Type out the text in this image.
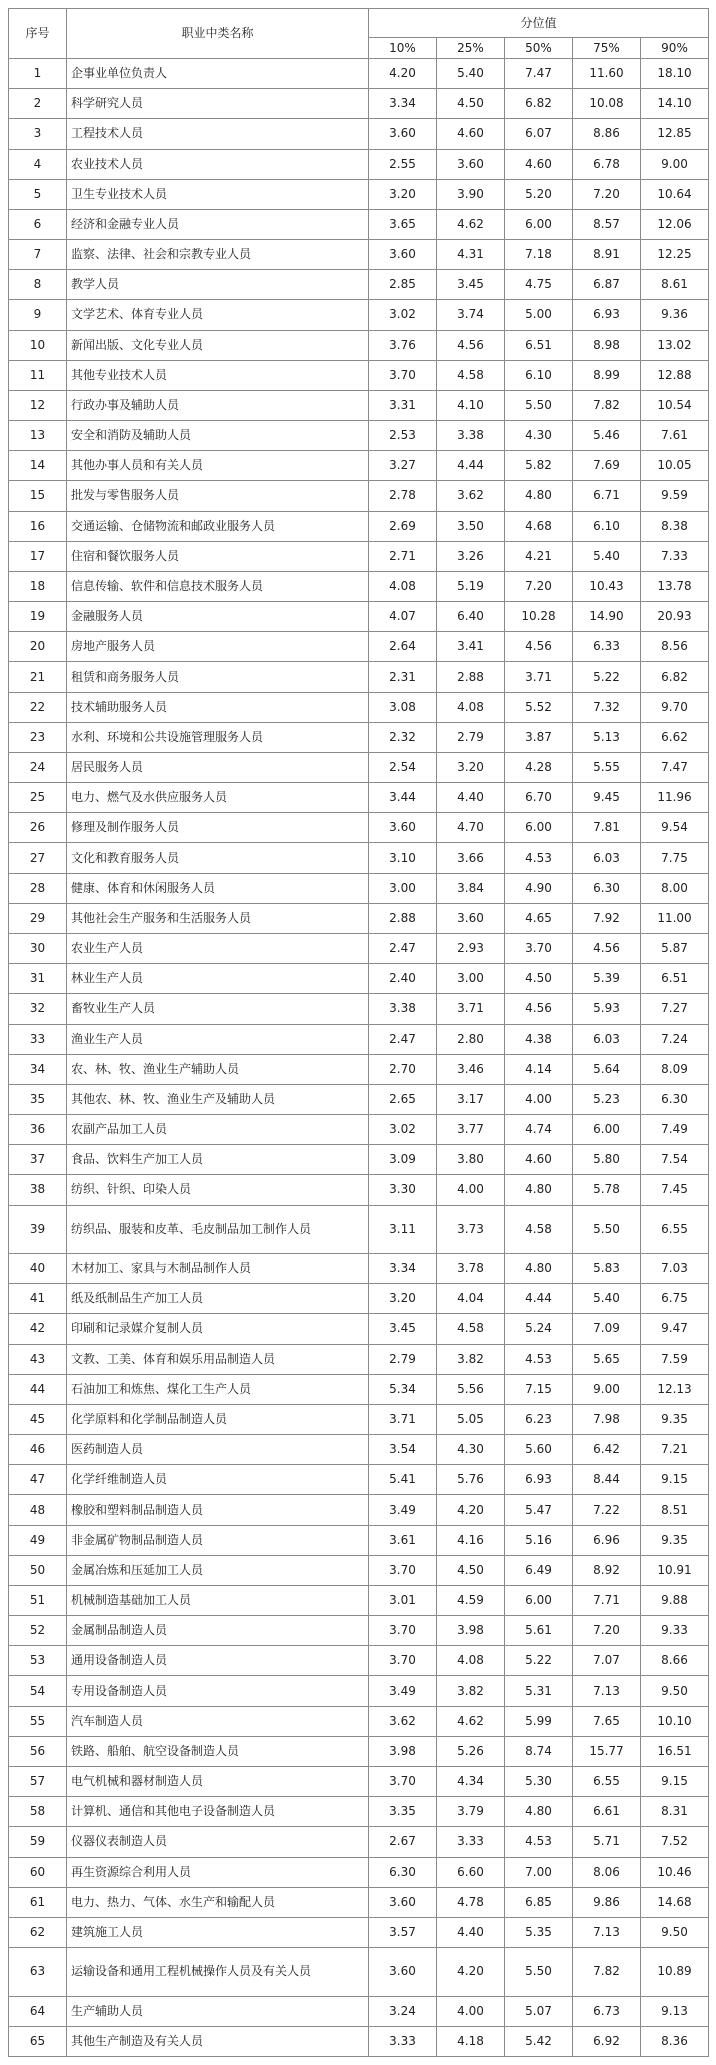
序号	职业中类名称	分位值				
		10%	25%	50%	75%	90%
1	企事业单位负责人	4.20	5.40	7.47	11.60	18.10
2	科学研究人员	3.34	4.50	6.82	10.08	14.10
3	工程技术人员	3.60	4.60	6.07	8.86	12.85
4	农业技术人员	2.55	3.60	4.60	6.78	9.00
5	卫生专业技术人员	3.20	3.90	5.20	7.20	10.64
6	经济和金融专业人员	3.65	4.62	6.00	8.57	12.06
7	监察、法律、社会和宗教专业人员	3.60	4.31	7.18	8.91	12.25
8	教学人员	2.85	3.45	4.75	6.87	8.61
9	文学艺术、体育专业人员	3.02	3.74	5.00	6.93	9.36
10	新闻出版、文化专业人员	3.76	4.56	6.51	8.98	13.02
11	其他专业技术人员	3.70	4.58	6.10	8.99	12.88
12	行政办事及辅助人员	3.31	4.10	5.50	7.82	10.54
13	安全和消防及辅助人员	2.53	3.38	4.30	5.46	7.61
14	其他办事人员和有关人员	3.27	4.44	5.82	7.69	10.05
15	批发与零售服务人员	2.78	3.62	4.80	6.71	9.59
16	交通运输、仓储物流和邮政业服务人员	2.69	3.50	4.68	6.10	8.38
17	住宿和餐饮服务人员	2.71	3.26	4.21	5.40	7.33
18	信息传输、软件和信息技术服务人员	4.08	5.19	7.20	10.43	13.78
19	金融服务人员	4.07	6.40	10.28	14.90	20.93
20	房地产服务人员	2.64	3.41	4.56	6.33	8.56
21	租赁和商务服务人员	2.31	2.88	3.71	5.22	6.82
22	技术辅助服务人员	3.08	4.08	5.52	7.32	9.70
23	水利、环境和公共设施管理服务人员	2.32	2.79	3.87	5.13	6.62
24	居民服务人员	2.54	3.20	4.28	5.55	7.47
25	电力、燃气及水供应服务人员	3.44	4.40	6.70	9.45	11.96
26	修理及制作服务人员	3.60	4.70	6.00	7.81	9.54
27	文化和教育服务人员	3.10	3.66	4.53	6.03	7.75
28	健康、体育和休闲服务人员	3.00	3.84	4.90	6.30	8.00
29	其他社会生产服务和生活服务人员	2.88	3.60	4.65	7.92	11.00
30	农业生产人员	2.47	2.93	3.70	4.56	5.87
31	林业生产人员	2.40	3.00	4.50	5.39	6.51
32	畜牧业生产人员	3.38	3.71	4.56	5.93	7.27
33	渔业生产人员	2.47	2.80	4.38	6.03	7.24
34	农、林、牧、渔业生产辅助人员	2.70	3.46	4.14	5.64	8.09
35	其他农、林、牧、渔业生产及辅助人员	2.65	3.17	4.00	5.23	6.30
36	农副产品加工人员	3.02	3.77	4.74	6.00	7.49
37	食品、饮料生产加工人员	3.09	3.80	4.60	5.80	7.54
38	纺织、针织、印染人员	3.30	4.00	4.80	5.78	7.45
39	纺织品、服装和皮革、毛皮制品加工制作人员	3.11	3.73	4.58	5.50	6.55
40	木材加工、家具与木制品制作人员	3.34	3.78	4.80	5.83	7.03
41	纸及纸制品生产加工人员	3.20	4.04	4.44	5.40	6.75
42	印刷和记录媒介复制人员	3.45	4.58	5.24	7.09	9.47
43	文教、工美、体育和娱乐用品制造人员	2.79	3.82	4.53	5.65	7.59
44	石油加工和炼焦、煤化工生产人员	5.34	5.56	7.15	9.00	12.13
45	化学原料和化学制品制造人员	3.71	5.05	6.23	7.98	9.35
46	医药制造人员	3.54	4.30	5.60	6.42	7.21
47	化学纤维制造人员	5.41	5.76	6.93	8.44	9.15
48	橡胶和塑料制品制造人员	3.49	4.20	5.47	7.22	8.51
49	非金属矿物制品制造人员	3.61	4.16	5.16	6.96	9.35
50	金属冶炼和压延加工人员	3.70	4.50	6.49	8.92	10.91
51	机械制造基础加工人员	3.01	4.59	6.00	7.71	9.88
52	金属制品制造人员	3.70	3.98	5.61	7.20	9.33
53	通用设备制造人员	3.70	4.08	5.22	7.07	8.66
54	专用设备制造人员	3.49	3.82	5.31	7.13	9.50
55	汽车制造人员	3.62	4.62	5.99	7.65	10.10
56	铁路、船舶、航空设备制造人员	3.98	5.26	8.74	15.77	16.51
57	电气机械和器材制造人员	3.70	4.34	5.30	6.55	9.15
58	计算机、通信和其他电子设备制造人员	3.35	3.79	4.80	6.61	8.31
59	仪器仪表制造人员	2.67	3.33	4.53	5.71	7.52
60	再生资源综合利用人员	6.30	6.60	7.00	8.06	10.46
61	电力、热力、气体、水生产和输配人员	3.60	4.78	6.85	9.86	14.68
62	建筑施工人员	3.57	4.40	5.35	7.13	9.50
63	运输设备和通用工程机械操作人员及有关人员	3.60	4.20	5.50	7.82	10.89
64	生产辅助人员	3.24	4.00	5.07	6.73	9.13
65	其他生产制造及有关人员	3.33	4.18	5.42	6.92	8.36
